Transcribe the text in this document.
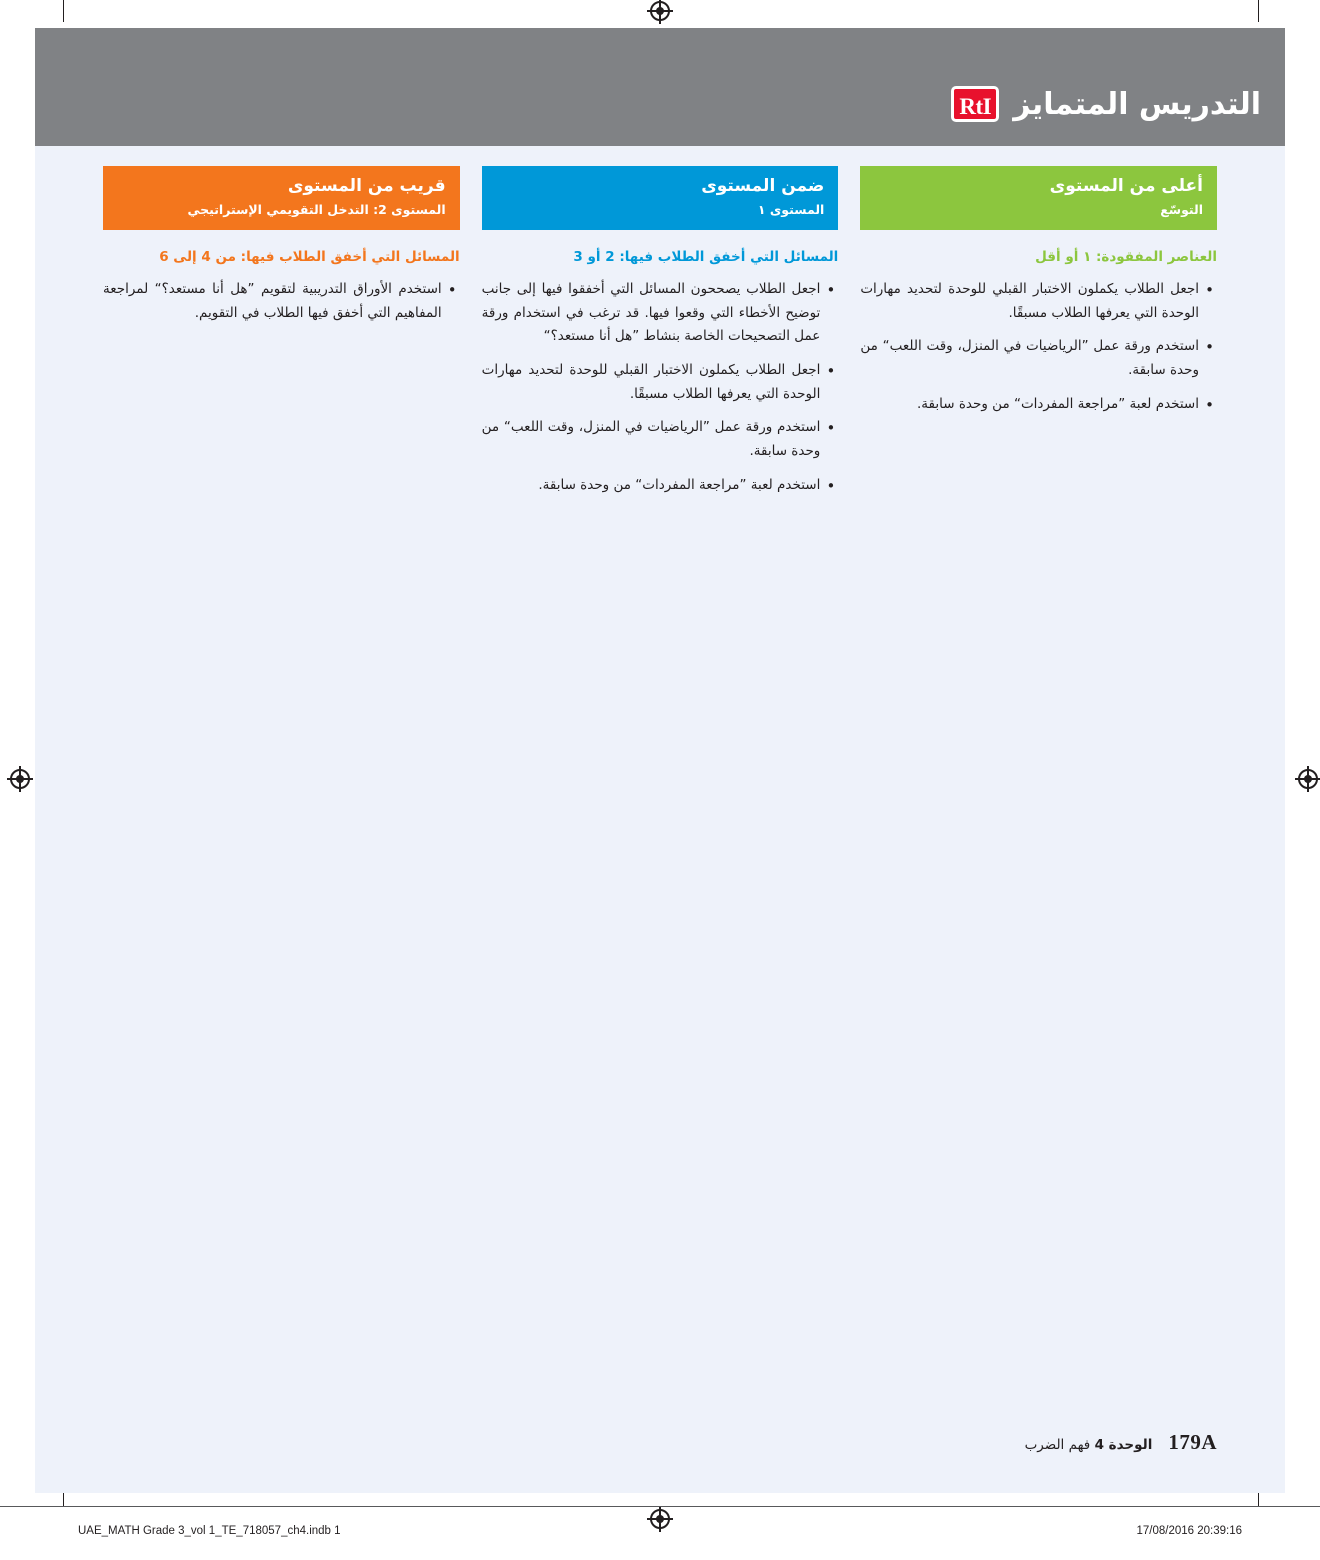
التدريس المتمايز
RtI
أعلى من المستوى
التوسّع
العناصر المفقودة: ١ أو أقل
• اجعل الطلاب يكملون الاختبار القبلي للوحدة لتحديد مهارات الوحدة التي يعرفها الطلاب مسبقًا.
• استخدم ورقة عمل ”الرياضيات في المنزل، وقت اللعب“ من وحدة سابقة.
• استخدم لعبة ”مراجعة المفردات“ من وحدة سابقة.
ضمن المستوى
المستوى ١
المسائل التي أخفق الطلاب فيها: 2 أو 3
• اجعل الطلاب يصححون المسائل التي أخفقوا فيها إلى جانب توضيح الأخطاء التي وقعوا فيها. قد ترغب في استخدام ورقة عمل التصحيحات الخاصة بنشاط ”هل أنا مستعد؟“
• اجعل الطلاب يكملون الاختبار القبلي للوحدة لتحديد مهارات الوحدة التي يعرفها الطلاب مسبقًا.
• استخدم ورقة عمل ”الرياضيات في المنزل، وقت اللعب“ من وحدة سابقة.
• استخدم لعبة ”مراجعة المفردات“ من وحدة سابقة.
قريب من المستوى
المستوى 2: التدخل التقويمي الإستراتيجي
المسائل التي أخفق الطلاب فيها: من 4 إلى 6
• استخدم الأوراق التدريبية لتقويم ”هل أنا مستعد؟“ لمراجعة المفاهيم التي أخفق فيها الطلاب في التقويم.
179A
الوحدة 4 فهم الضرب
UAE_MATH Grade 3_vol 1_TE_718057_ch4.indb 1	17/08/2016 20:39:16
